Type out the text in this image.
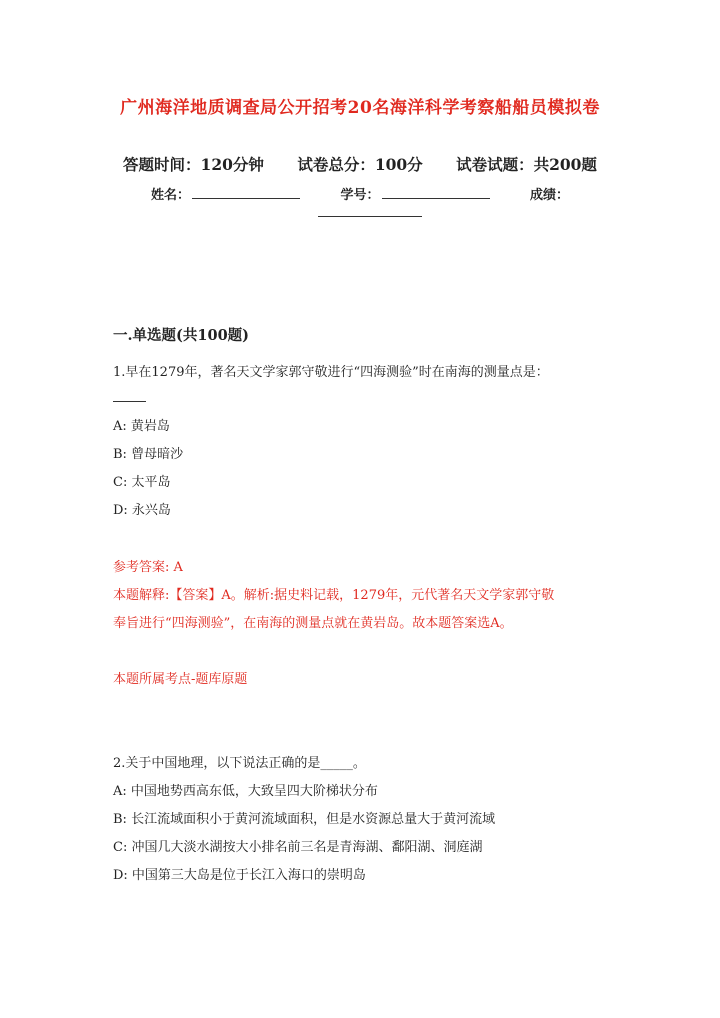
广州海洋地质调查局公开招考20名海洋科学考察船船员模拟卷
答题时间：120分钟 试卷总分：100分 试卷试题：共200题
姓名：	学号：	成绩：
一.单选题(共100题)
1.早在1279年，著名天文学家郭守敬进行“四海测验”时在南海的测量点是：
A: 黄岩岛
B: 曾母暗沙
C: 太平岛
D: 永兴岛
参考答案: A
本题解释:【答案】A。解析:据史料记载，1279年，元代著名天文学家郭守敬
奉旨进行“四海测验”，在南海的测量点就在黄岩岛。故本题答案选A。
本题所属考点-题库原题
2.关于中国地理，以下说法正确的是_____。
A: 中国地势西高东低，大致呈四大阶梯状分布
B: 长江流域面积小于黄河流域面积，但是水资源总量大于黄河流域
C: 冲国几大淡水湖按大小排名前三名是青海湖、鄱阳湖、洞庭湖
D: 中国第三大岛是位于长江入海口的崇明岛
